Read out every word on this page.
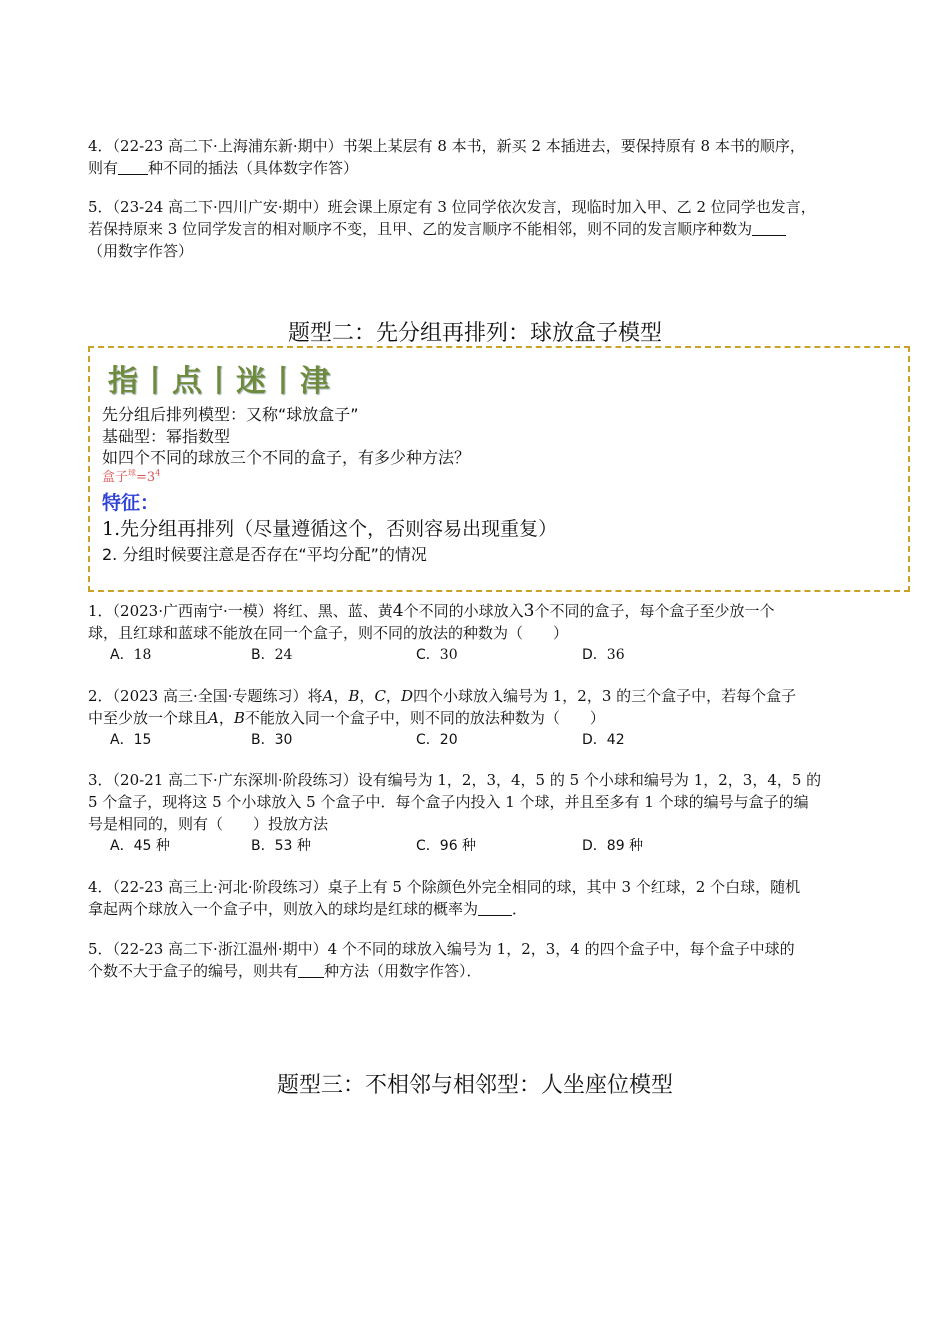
4．（22-23 高二下·上海浦东新·期中）书架上某层有 8 本书，新买 2 本插进去，要保持原有 8 本书的顺序，
则有 种不同的插法（具体数字作答）
5．（23-24 高二下·四川广安·期中）班会课上原定有 3 位同学依次发言，现临时加入甲、乙 2 位同学也发言，
若保持原来 3 位同学发言的相对顺序不变，且甲、乙的发言顺序不能相邻，则不同的发言顺序种数为
（用数字作答）
题型二：先分组再排列：球放盒子模型
指丨点丨迷丨津
先分组后排列模型：又称“球放盒子”
基础型：幂指数型
如四个不同的球放三个不同的盒子，有多少种方法？
盒子$^球=3^4$
特征：
1.先分组再排列（尽量遵循这个，否则容易出现重复）
2. 分组时候要注意是否存在“平均分配”的情况
1．（2023·广西南宁·一模）将红、黑、蓝、黄4个不同的小球放入3个不同的盒子，每个盒子至少放一个
球，且红球和蓝球不能放在同一个盒子，则不同的放法的种数为（　　）
A．18	B．24	C．30	D．36
2．（2023 高三·全国·专题练习）将A，B，C，D四个小球放入编号为 1，2，3 的三个盒子中，若每个盒子
中至少放一个球且A，B不能放入同一个盒子中，则不同的放法种数为（　　）
A．15	B．30	C．20	D．42
3．（20-21 高二下·广东深圳·阶段练习）设有编号为 1，2，3，4，5 的 5 个小球和编号为 1，2，3，4，5 的
5 个盒子，现将这 5 个小球放入 5 个盒子中．每个盒子内投入 1 个球，并且至多有 1 个球的编号与盒子的编
号是相同的，则有（　　）投放方法
A．45 种	B．53 种	C．96 种	D．89 种
4．（22-23 高三上·河北·阶段练习）桌子上有 5 个除颜色外完全相同的球，其中 3 个红球，2 个白球，随机
拿起两个球放入一个盒子中，则放入的球均是红球的概率为 ．
5．（22-23 高二下·浙江温州·期中）4 个不同的球放入编号为 1，2，3，4 的四个盒子中，每个盒子中球的
个数不大于盒子的编号，则共有 种方法（用数字作答）．
题型三：不相邻与相邻型：人坐座位模型
